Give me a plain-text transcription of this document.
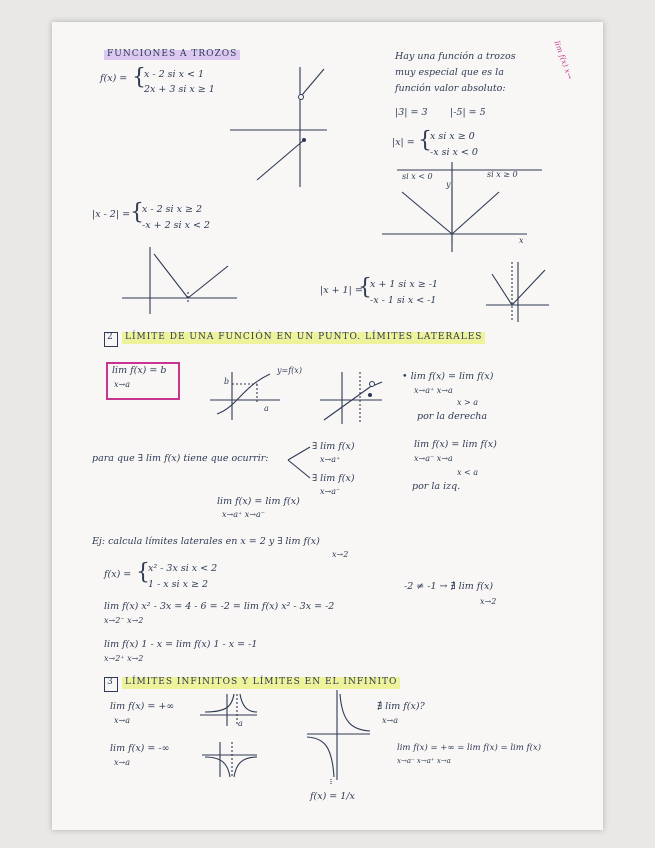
FUNCIONES A TROZOS
f(x) = {
x - 2 si x < 1
2x + 3 si x ≥ 1
Hay una función a trozos
muy especial que es la
función valor absoluto:
|3| = 3 |-5| = 5
|x| = {
x si x ≥ 0
-x si x < 0
si x < 0	si x ≥ 0
x
y
lim f(x) x→
|x - 2| = {
x - 2 si x ≥ 2
-x + 2 si x < 2
|x + 1| =
{
x + 1 si x ≥ -1
-x - 1 si x < -1
2	LÍMITE DE UNA FUNCIÓN EN UN PUNTO. LÍMITES LATERALES
lim f(x) = b
x→a	b
a
y=f(x)
• lim f(x) = lim f(x)
x→a⁺ x→a
x > a
por la derecha
lim f(x) = lim f(x)
x→a⁻ x→a
x < a
por la izq.
para que ∃ lim f(x) tiene que ocurrir:
∃ lim f(x)
x→a⁺
∃ lim f(x)
x→a⁻
lim f(x) = lim f(x)
x→a⁺ x→a⁻
Ej: calcula límites laterales en x = 2 y ∃ lim f(x)
x→2
f(x) = {
x² - 3x si x < 2
1 - x si x ≥ 2	-2 ≠ -1 → ∄ lim f(x)
x→2
lim f(x) x² - 3x = 4 - 6 = -2 = lim f(x) x² - 3x = -2
x→2⁻ x→2
lim f(x) 1 - x = lim f(x) 1 - x = -1
x→2⁺ x→2
3	LÍMITES INFINITOS Y LÍMITES EN EL INFINITO
lim f(x) = +∞
x→a	a
lim f(x) = -∞
x→a
∄ lim f(x)?
x→a
f(x) = 1/x
lim f(x) = +∞ = lim f(x) = lim f(x)
x→a⁻ x→a⁺ x→a
